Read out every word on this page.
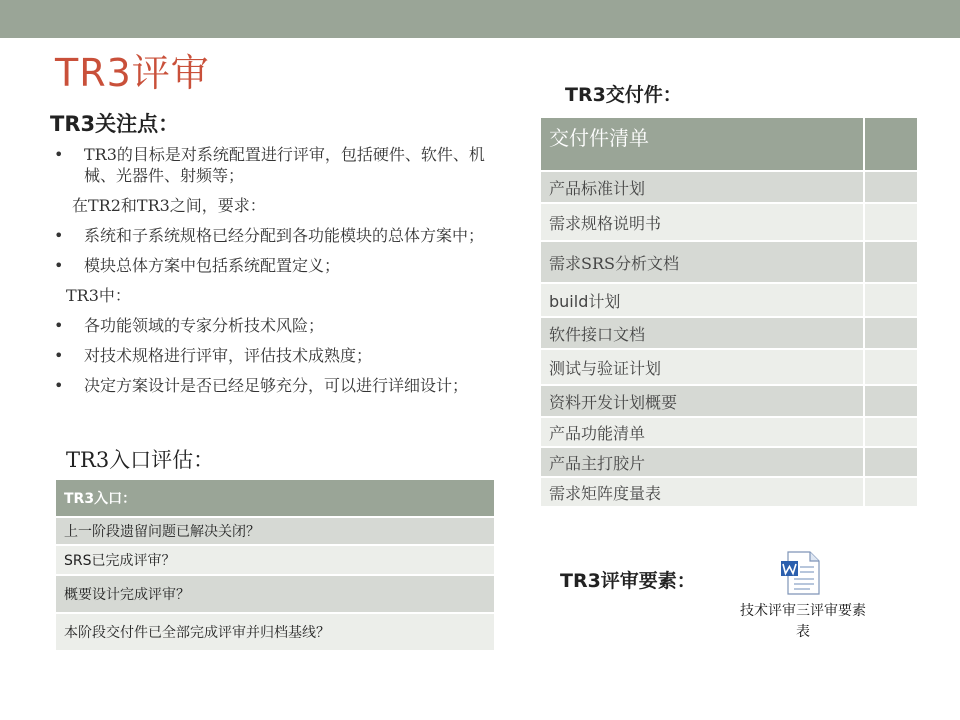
TR3评审
TR3关注点：
• TR3的目标是对系统配置进行评审，包括硬件、软件、机械、光器件、射频等；
在TR2和TR3之间，要求：
• 系统和子系统规格已经分配到各功能模块的总体方案中；
• 模块总体方案中包括系统配置定义；
TR3中：
• 各功能领域的专家分析技术风险；
• 对技术规格进行评审，评估技术成熟度；
• 决定方案设计是否已经足够充分，可以进行详细设计；
TR3入口评估：
TR3入口：
上一阶段遗留问题已解决关闭？
SRS已完成评审？
概要设计完成评审？
本阶段交付件已全部完成评审并归档基线？
TR3交付件：
交付件清单	
产品标准计划	
需求规格说明书	
需求SRS分析文档	
build计划	
软件接口文档	
测试与验证计划	
资料开发计划概要	
产品功能清单	
产品主打胶片	
需求矩阵度量表	
TR3评审要素：
技术评审三评审要素表
